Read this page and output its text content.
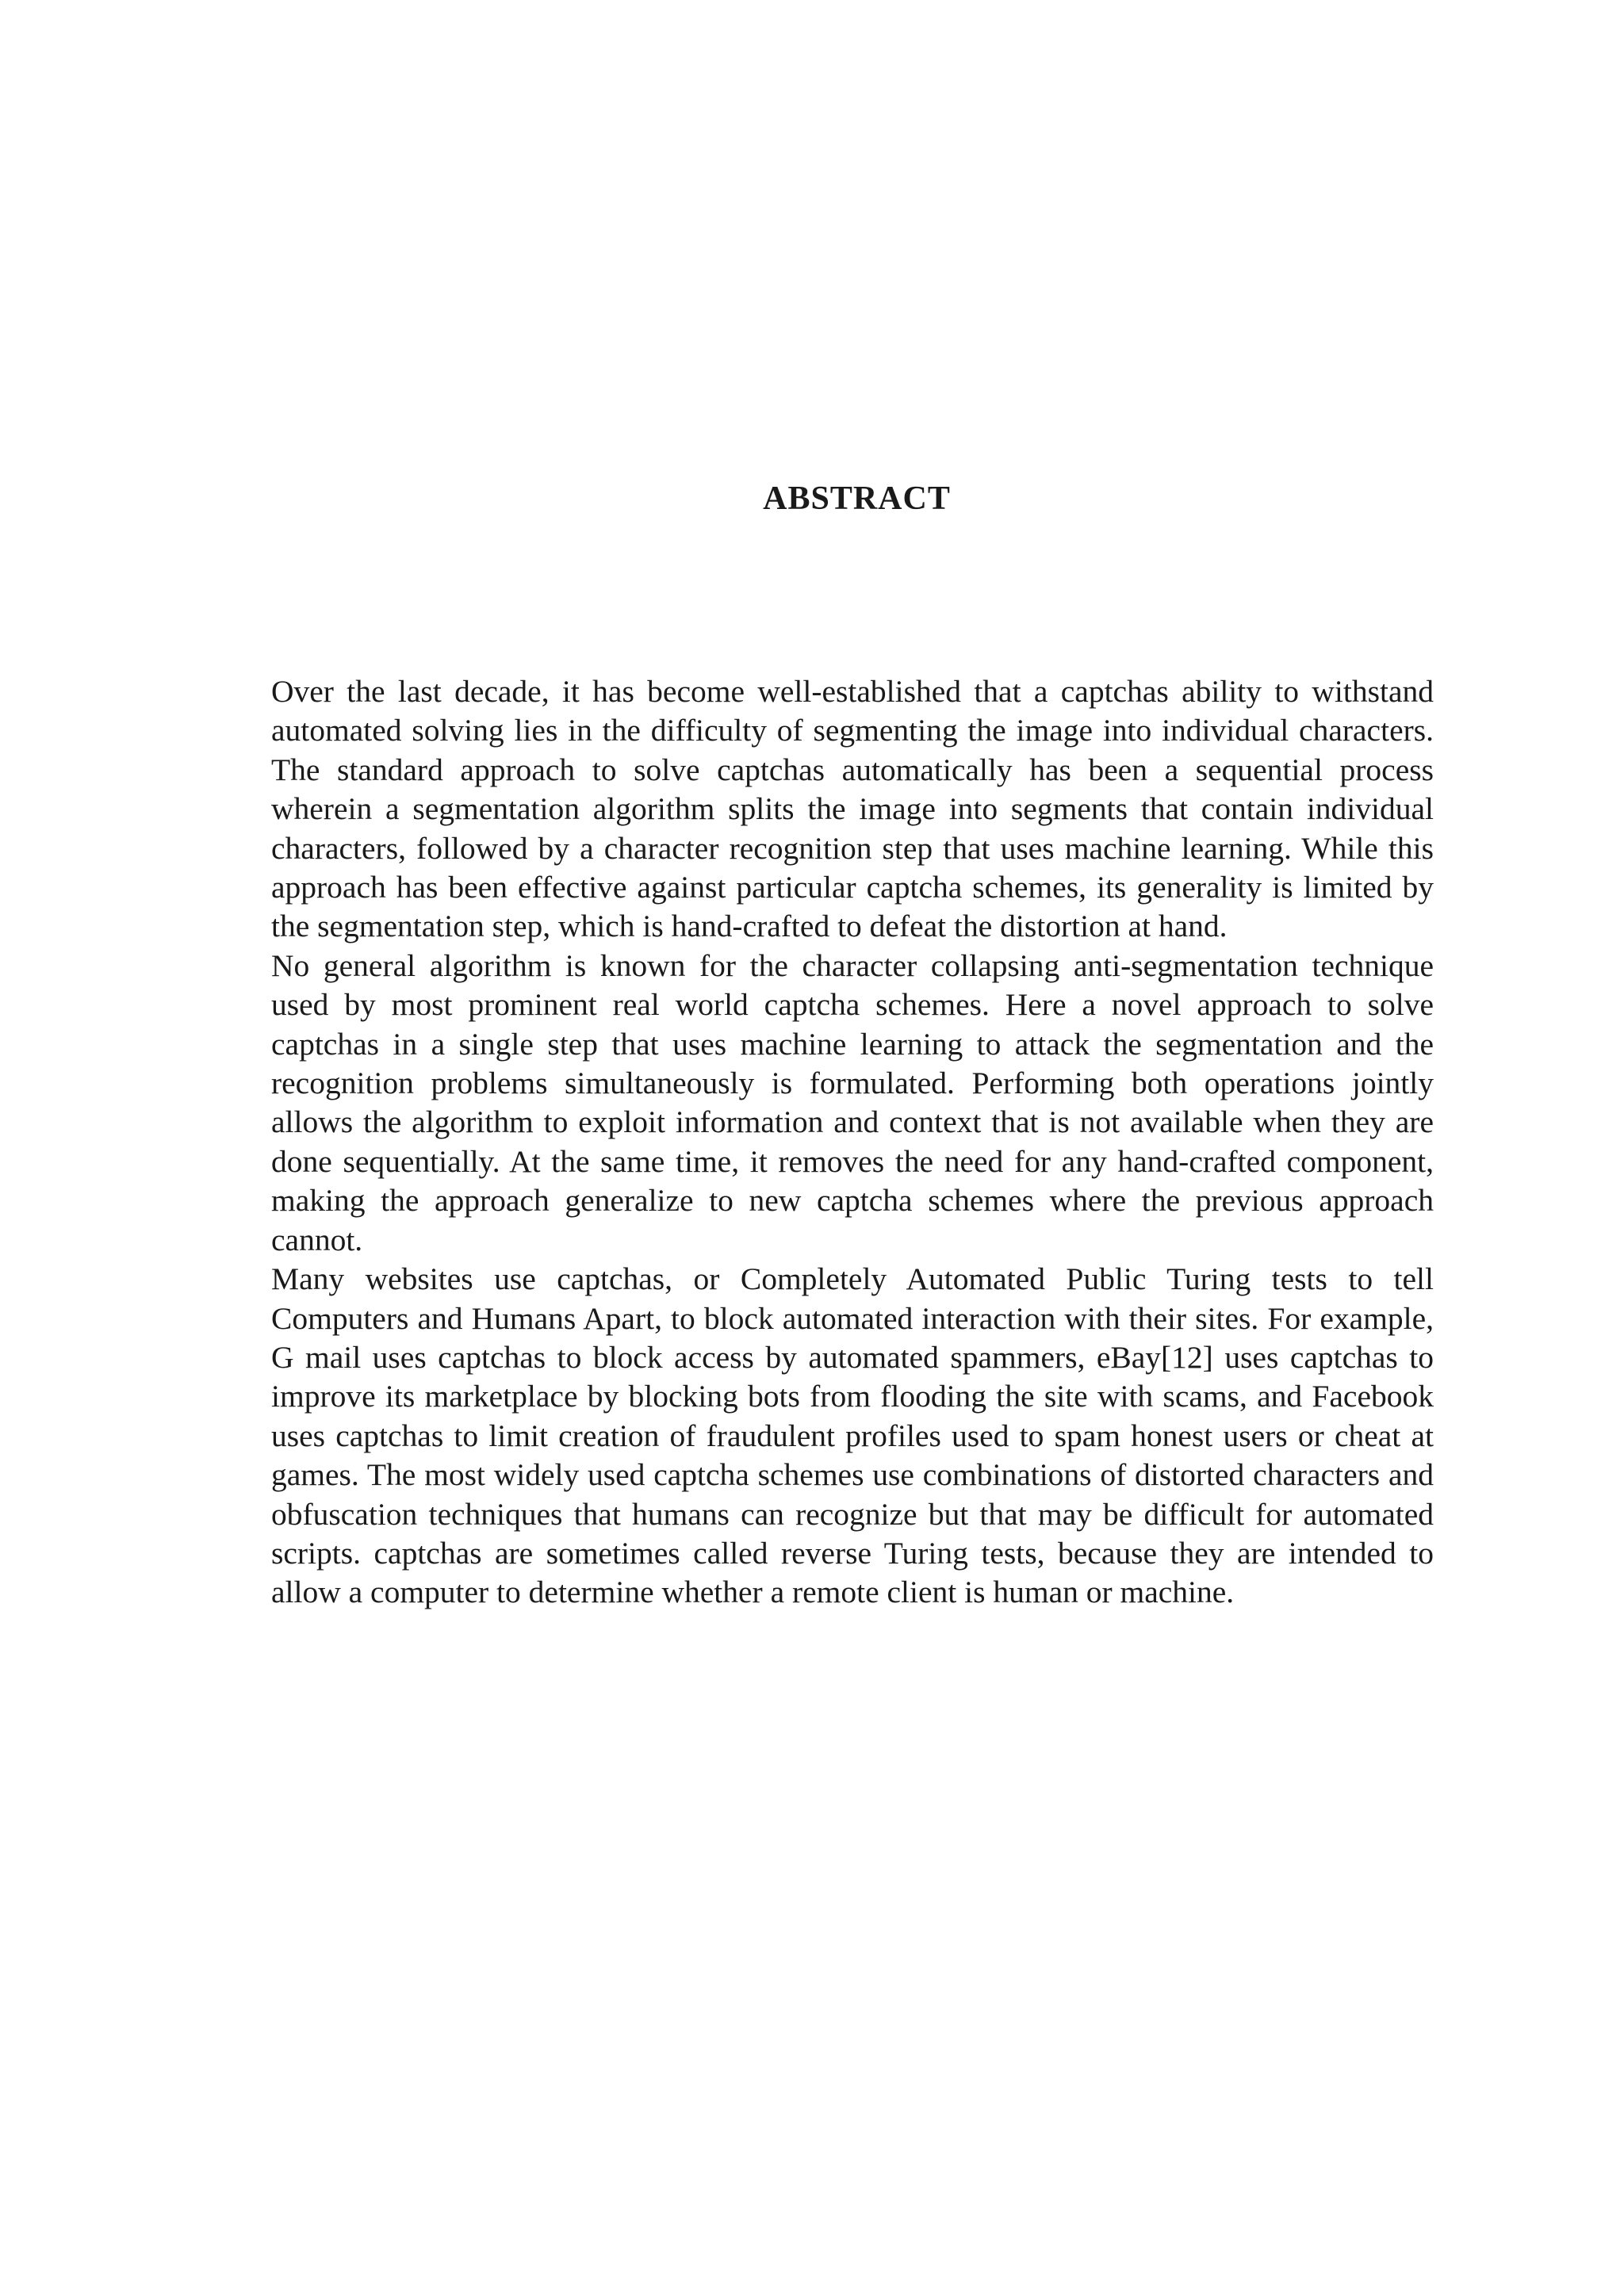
ABSTRACT

Over the last decade, it has become well-established that a captchas ability to withstand automated solving lies in the difficulty of segmenting the image into individual characters. The standard approach to solve captchas automatically has been a sequential process wherein a segmentation algorithm splits the image into segments that contain individual characters, followed by a character recognition step that uses machine learning. While this approach has been effective against particular captcha schemes, its generality is limited by the segmentation step, which is hand-crafted to defeat the distortion at hand.

No general algorithm is known for the character collapsing anti-segmentation technique used by most prominent real world captcha schemes. Here a novel approach to solve captchas in a single step that uses machine learning to attack the segmentation and the recognition problems simultaneously is formulated. Performing both operations jointly allows the algorithm to exploit information and context that is not available when they are done sequentially. At the same time, it removes the need for any hand-crafted component, making the approach generalize to new captcha schemes where the previous approach cannot.

Many websites use captchas, or Completely Automated Public Turing tests to tell Computers and Humans Apart, to block automated interaction with their sites. For example, G mail uses captchas to block access by automated spammers, eBay[12] uses captchas to improve its marketplace by blocking bots from flooding the site with scams, and Facebook uses captchas to limit creation of fraudulent profiles used to spam honest users or cheat at games. The most widely used captcha schemes use combinations of distorted characters and obfuscation techniques that humans can recognize but that may be difficult for automated scripts. captchas are sometimes called reverse Turing tests, because they are intended to allow a computer to determine whether a remote client is human or machine.
